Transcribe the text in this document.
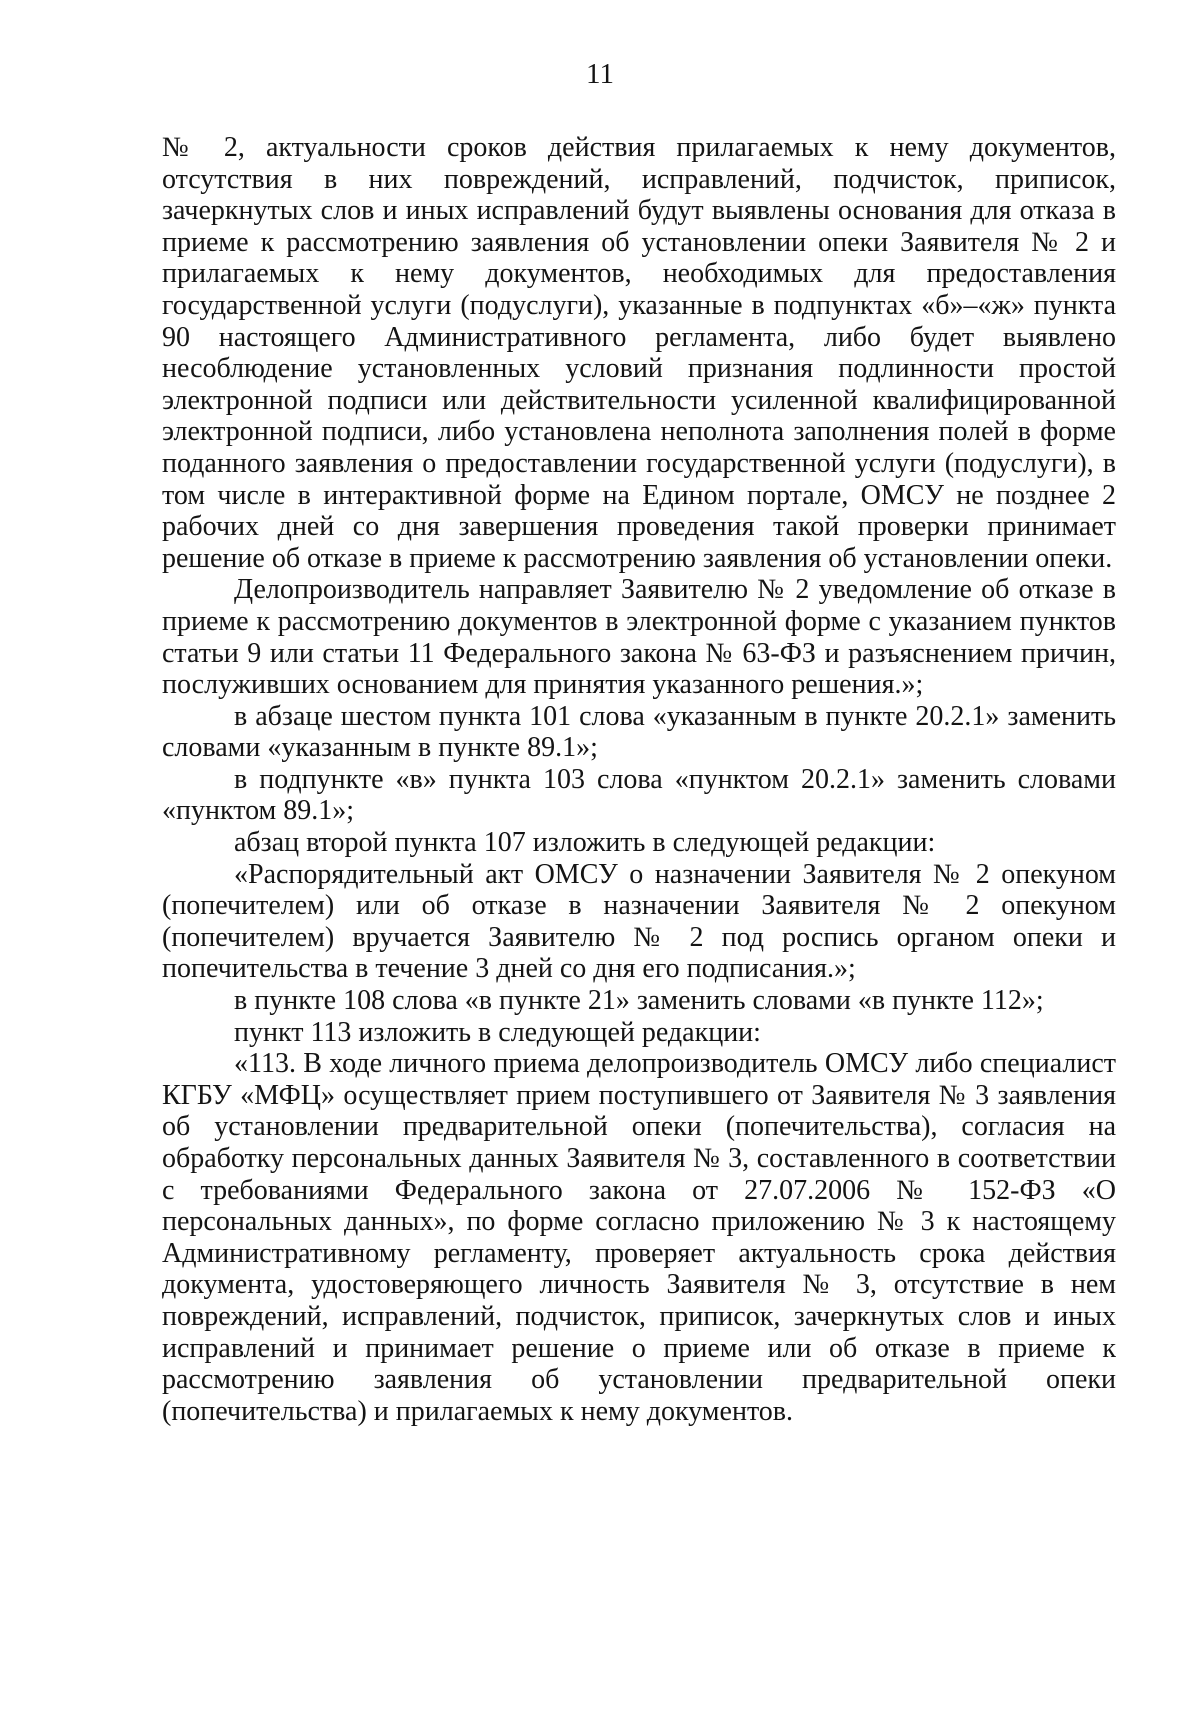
11

№ 2, актуальности сроков действия прилагаемых к нему документов, отсутствия в них повреждений, исправлений, подчисток, приписок, зачеркнутых слов и иных исправлений будут выявлены основания для отказа в приеме к рассмотрению заявления об установлении опеки Заявителя № 2 и прилагаемых к нему документов, необходимых для предоставления государственной услуги (подуслуги), указанные в подпунктах «б»–«ж» пункта 90 настоящего Административного регламента, либо будет выявлено несоблюдение установленных условий признания подлинности простой электронной подписи или действительности усиленной квалифицированной электронной подписи, либо установлена неполнота заполнения полей в форме поданного заявления о предоставлении государственной услуги (подуслуги), в том числе в интерактивной форме на Едином портале, ОМСУ не позднее 2 рабочих дней со дня завершения проведения такой проверки принимает решение об отказе в приеме к рассмотрению заявления об установлении опеки.

Делопроизводитель направляет Заявителю № 2 уведомление об отказе в приеме к рассмотрению документов в электронной форме с указанием пунктов статьи 9 или статьи 11 Федерального закона № 63-ФЗ и разъяснением причин, послуживших основанием для принятия указанного решения.»;

в абзаце шестом пункта 101 слова «указанным в пункте 20.2.1» заменить словами «указанным в пункте 89.1»;

в подпункте «в» пункта 103 слова «пунктом 20.2.1» заменить словами «пунктом 89.1»;

абзац второй пункта 107 изложить в следующей редакции:

«Распорядительный акт ОМСУ о назначении Заявителя № 2 опекуном (попечителем) или об отказе в назначении Заявителя № 2 опекуном (попечителем) вручается Заявителю № 2 под роспись органом опеки и попечительства в течение 3 дней со дня его подписания.»;

в пункте 108 слова «в пункте 21» заменить словами «в пункте 112»;

пункт 113 изложить в следующей редакции:

«113. В ходе личного приема делопроизводитель ОМСУ либо специалист КГБУ «МФЦ» осуществляет прием поступившего от Заявителя № 3 заявления об установлении предварительной опеки (попечительства), согласия на обработку персональных данных Заявителя № 3, составленного в соответствии с требованиями Федерального закона от 27.07.2006 № 152-ФЗ «О персональных данных», по форме согласно приложению № 3 к настоящему Административному регламенту, проверяет актуальность срока действия документа, удостоверяющего личность Заявителя № 3, отсутствие в нем повреждений, исправлений, подчисток, приписок, зачеркнутых слов и иных исправлений и принимает решение о приеме или об отказе в приеме к рассмотрению заявления об установлении предварительной опеки (попечительства) и прилагаемых к нему документов.
